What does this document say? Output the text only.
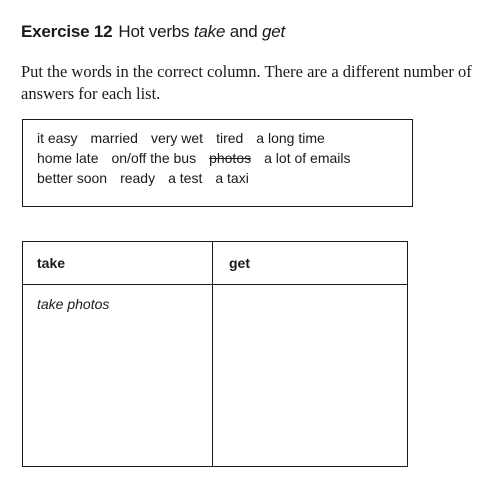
Exercise 12 Hot verbs take and get
Put the words in the correct column. There are a different number of answers for each list.
it easy married very wet tired a long time
home late on/off the bus photos a lot of emails
better soon ready a test a taxi
take
take photos
get
